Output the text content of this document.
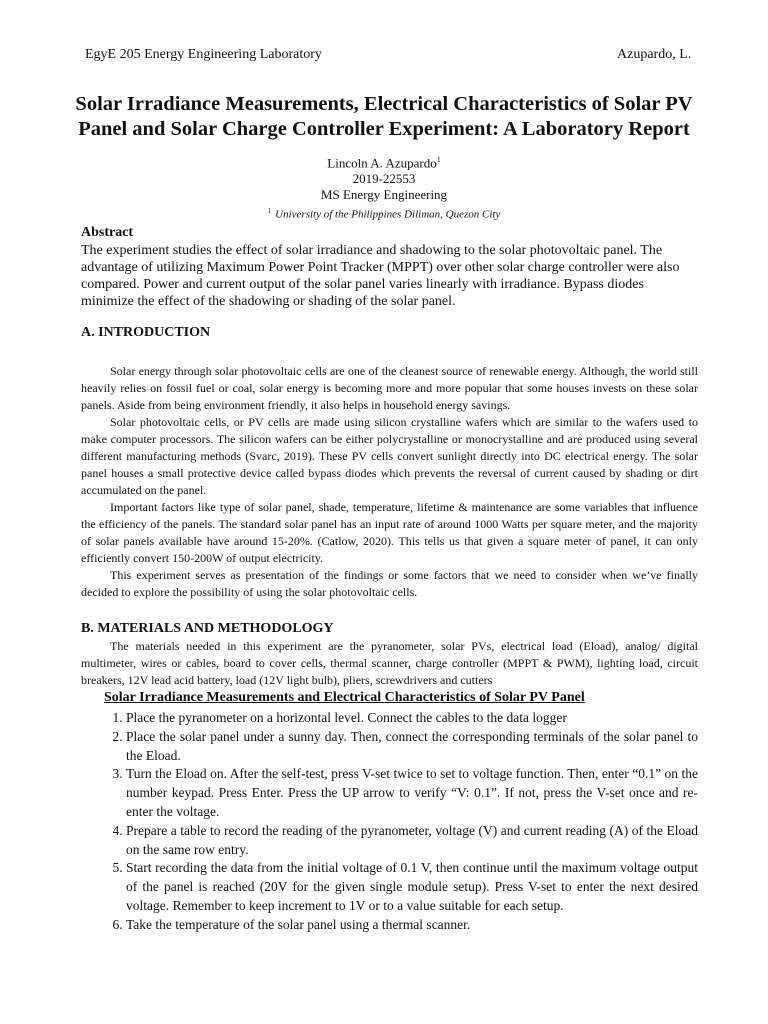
EgyE 205 Energy Engineering Laboratory	Azupardo, L.
Solar Irradiance Measurements, Electrical Characteristics of Solar PV
Panel and Solar Charge Controller Experiment: A Laboratory Report
Lincoln A. Azupardo$^1$
2019-22553
MS Energy Engineering
$^1$ University of the Philippines Diliman, Quezon City
Abstract
The experiment studies the effect of solar irradiance and shadowing to the solar photovoltaic panel. The advantage of utilizing Maximum Power Point Tracker (MPPT) over other solar charge controller were also compared. Power and current output of the solar panel varies linearly with irradiance. Bypass diodes minimize the effect of the shadowing or shading of the solar panel.
A. INTRODUCTION

Solar energy through solar photovoltaic cells are one of the cleanest source of renewable energy. Although, the world still heavily relies on fossil fuel or coal, solar energy is becoming more and more popular that some houses invests on these solar panels. Aside from being environment friendly, it also helps in household energy savings.

Solar photovoltaic cells, or PV cells are made using silicon crystalline wafers which are similar to the wafers used to make computer processors. The silicon wafers can be either polycrystalline or monocrystalline and are produced using several different manufacturing methods (Svarc, 2019). These PV cells convert sunlight directly into DC electrical energy. The solar panel houses a small protective device called bypass diodes which prevents the reversal of current caused by shading or dirt accumulated on the panel.

Important factors like type of solar panel, shade, temperature, lifetime & maintenance are some variables that influence the efficiency of the panels. The standard solar panel has an input rate of around 1000 Watts per square meter, and the majority of solar panels available have around 15-20%. (Catlow, 2020). This tells us that given a square meter of panel, it can only efficiently convert 150-200W of output electricity.

This experiment serves as presentation of the findings or some factors that we need to consider when we’ve finally decided to explore the possibility of using the solar photovoltaic cells.

B. MATERIALS AND METHODOLOGY

The materials needed in this experiment are the pyranometer, solar PVs, electrical load (Eload), analog/ digital multimeter, wires or cables, board to cover cells, thermal scanner, charge controller (MPPT & PWM), lighting load, circuit breakers, 12V lead acid battery, load (12V light bulb), pliers, screwdrivers and cutters

Solar Irradiance Measurements and Electrical Characteristics of Solar PV Panel
1. Place the pyranometer on a horizontal level. Connect the cables to the data logger
2. Place the solar panel under a sunny day. Then, connect the corresponding terminals of the solar panel to the Eload.
3. Turn the Eload on. After the self-test, press V-set twice to set to voltage function. Then, enter “0.1” on the number keypad. Press Enter. Press the UP arrow to verify “V: 0.1”. If not, press the V-set once and re-enter the voltage.
4. Prepare a table to record the reading of the pyranometer, voltage (V) and current reading (A) of the Eload on the same row entry.
5. Start recording the data from the initial voltage of 0.1 V, then continue until the maximum voltage output of the panel is reached (20V for the given single module setup). Press V-set to enter the next desired voltage. Remember to keep increment to 1V or to a value suitable for each setup.
6. Take the temperature of the solar panel using a thermal scanner.
